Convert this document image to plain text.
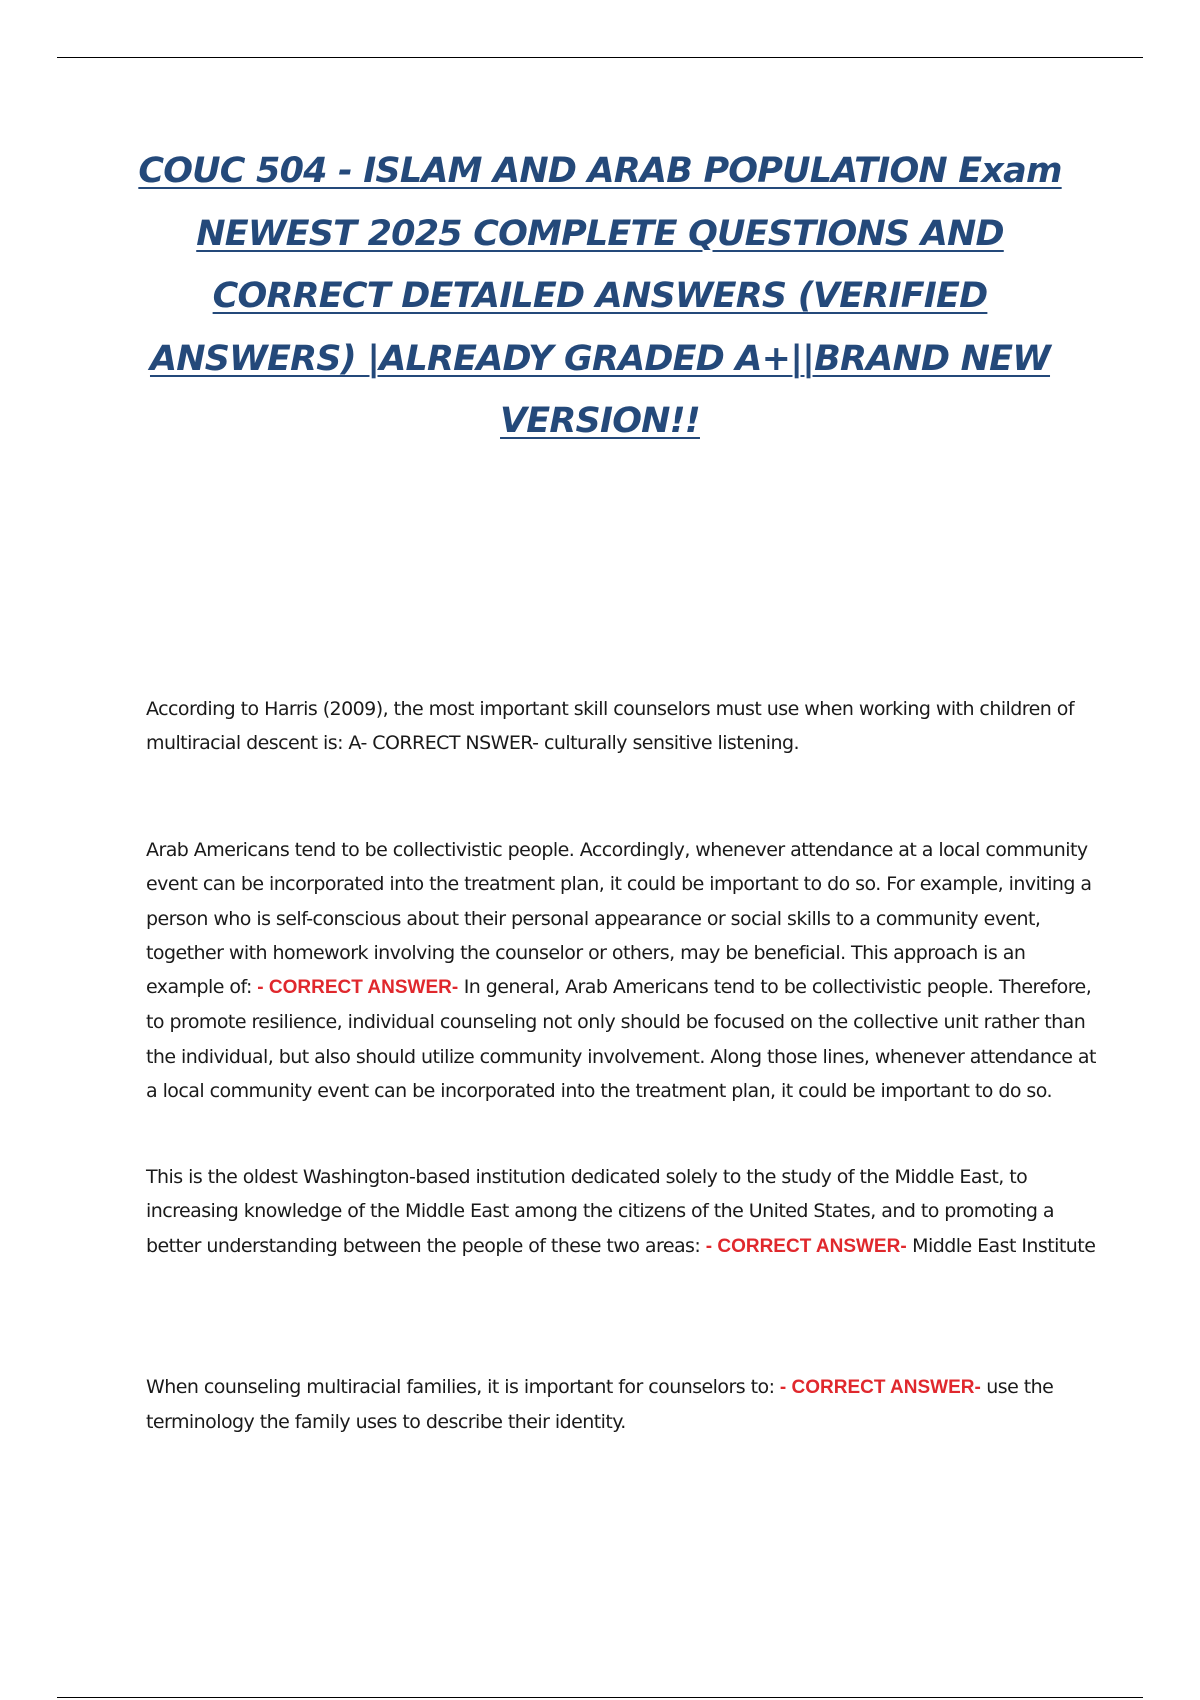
COUC 504 - ISLAM AND ARAB POPULATION Exam NEWEST 2025 COMPLETE QUESTIONS AND CORRECT DETAILED ANSWERS (VERIFIED ANSWERS) |ALREADY GRADED A+||BRAND NEW VERSION!!

According to Harris (2009), the most important skill counselors must use when working with children of multiracial descent is: A- CORRECT NSWER- culturally sensitive listening.

Arab Americans tend to be collectivistic people. Accordingly, whenever attendance at a local community event can be incorporated into the treatment plan, it could be important to do so. For example, inviting a person who is self-conscious about their personal appearance or social skills to a community event, together with homework involving the counselor or others, may be beneficial. This approach is an example of: - CORRECT ANSWER- In general, Arab Americans tend to be collectivistic people. Therefore, to promote resilience, individual counseling not only should be focused on the collective unit rather than the individual, but also should utilize community involvement. Along those lines, whenever attendance at a local community event can be incorporated into the treatment plan, it could be important to do so.

This is the oldest Washington-based institution dedicated solely to the study of the Middle East, to increasing knowledge of the Middle East among the citizens of the United States, and to promoting a better understanding between the people of these two areas: - CORRECT ANSWER- Middle East Institute

When counseling multiracial families, it is important for counselors to: - CORRECT ANSWER- use the terminology the family uses to describe their identity.
